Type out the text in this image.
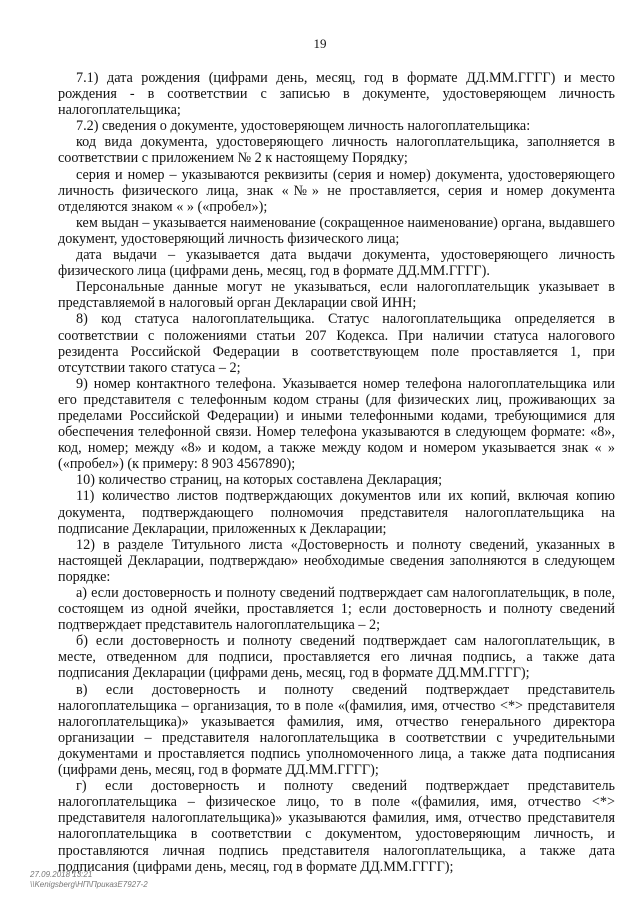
19

7.1) дата рождения (цифрами день, месяц, год в формате ДД.ММ.ГГГГ) и место рождения - в соответствии с записью в документе, удостоверяющем личность налогоплательщика;

7.2) сведения о документе, удостоверяющем личность налогоплательщика:

код вида документа, удостоверяющего личность налогоплательщика, заполняется в соответствии с приложением № 2 к настоящему Порядку;

серия и номер – указываются реквизиты (серия и номер) документа, удостоверяющего личность физического лица, знак «№» не проставляется, серия и номер документа отделяются знаком « » («пробел»);

кем выдан – указывается наименование (сокращенное наименование) органа, выдавшего документ, удостоверяющий личность физического лица;

дата выдачи – указывается дата выдачи документа, удостоверяющего личность физического лица (цифрами день, месяц, год в формате ДД.ММ.ГГГГ).

Персональные данные могут не указываться, если налогоплательщик указывает в представляемой в налоговый орган Декларации свой ИНН;

8) код статуса налогоплательщика. Статус налогоплательщика определяется в соответствии с положениями статьи 207 Кодекса. При наличии статуса налогового резидента Российской Федерации в соответствующем поле проставляется 1, при отсутствии такого статуса – 2;

9) номер контактного телефона. Указывается номер телефона налогоплательщика или его представителя с телефонным кодом страны (для физических лиц, проживающих за пределами Российской Федерации) и иными телефонными кодами, требующимися для обеспечения телефонной связи. Номер телефона указываются в следующем формате: «8», код, номер; между «8» и кодом, а также между кодом и номером указывается знак « » («пробел») (к примеру: 8 903 4567890);

10) количество страниц, на которых составлена Декларация;

11) количество листов подтверждающих документов или их копий, включая копию документа, подтверждающего полномочия представителя налогоплательщика на подписание Декларации, приложенных к Декларации;

12) в разделе Титульного листа «Достоверность и полноту сведений, указанных в настоящей Декларации, подтверждаю» необходимые сведения заполняются в следующем порядке:

а) если достоверность и полноту сведений подтверждает сам налогоплательщик, в поле, состоящем из одной ячейки, проставляется 1; если достоверность и полноту сведений подтверждает представитель налогоплательщика – 2;

б) если достоверность и полноту сведений подтверждает сам налогоплательщик, в месте, отведенном для подписи, проставляется его личная подпись, а также дата подписания Декларации (цифрами день, месяц, год в формате ДД.ММ.ГГГГ);

в) если достоверность и полноту сведений подтверждает представитель налогоплательщика – организация, то в поле «(фамилия, имя, отчество <*> представителя налогоплательщика)» указывается фамилия, имя, отчество генерального директора организации – представителя налогоплательщика в соответствии с учредительными документами и проставляется подпись уполномоченного лица, а также дата подписания (цифрами день, месяц, год в формате ДД.ММ.ГГГГ);

г) если достоверность и полноту сведений подтверждает представитель налогоплательщика – физическое лицо, то в поле «(фамилия, имя, отчество <*> представителя налогоплательщика)» указываются фамилия, имя, отчество представителя налогоплательщика в соответствии с документом, удостоверяющим личность, и проставляются личная подпись представителя налогоплательщика, а также дата подписания (цифрами день, месяц, год в формате ДД.ММ.ГГГГ);

27.09.2018 13:21
\\Kenigsberg\НП\ПриказЕ7927-2
